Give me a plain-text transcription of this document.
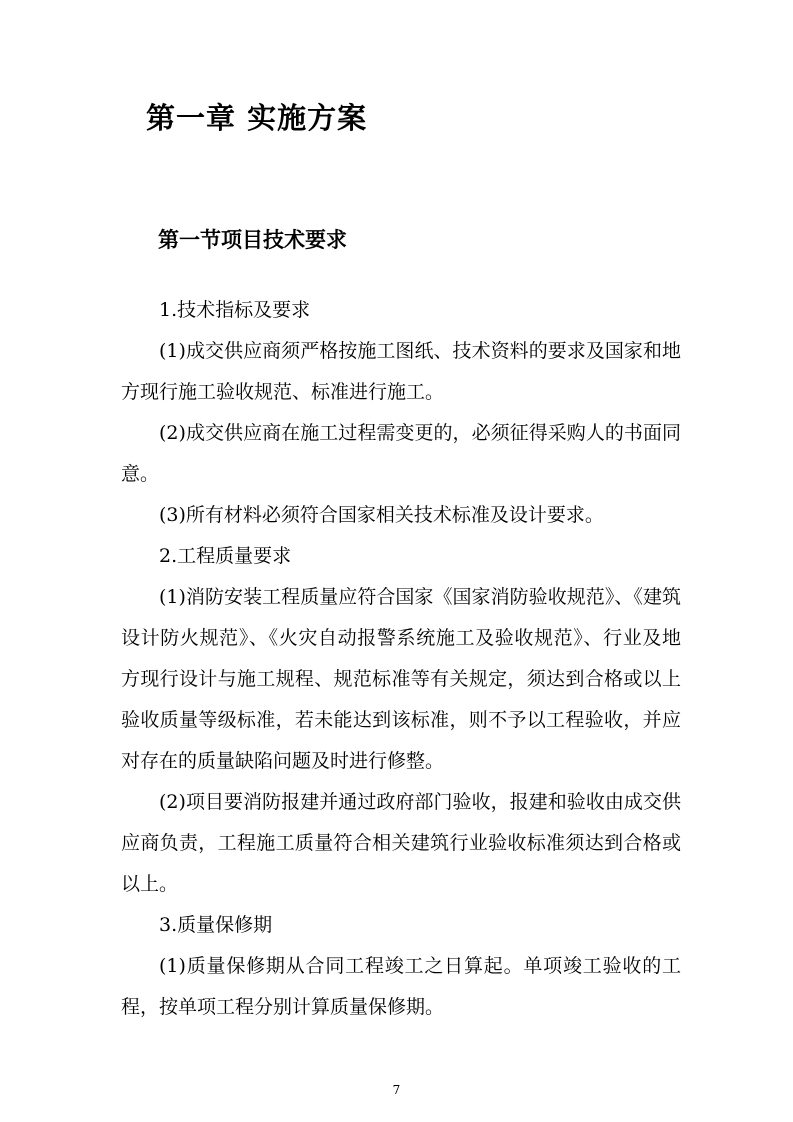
第一章 实施方案
第一节项目技术要求

1.技术指标及要求

(1)成交供应商须严格按施工图纸、技术资料的要求及国家和地方现行施工验收规范、标准进行施工。

(2)成交供应商在施工过程需变更的，必须征得采购人的书面同意。

(3)所有材料必须符合国家相关技术标准及设计要求。

2.工程质量要求

(1)消防安装工程质量应符合国家《国家消防验收规范》、《建筑设计防火规范》、《火灾自动报警系统施工及验收规范》、行业及地方现行设计与施工规程、规范标准等有关规定，须达到合格或以上验收质量等级标准，若未能达到该标准，则不予以工程验收，并应对存在的质量缺陷问题及时进行修整。

(2)项目要消防报建并通过政府部门验收，报建和验收由成交供应商负责，工程施工质量符合相关建筑行业验收标准须达到合格或以上。

3.质量保修期

(1)质量保修期从合同工程竣工之日算起。单项竣工验收的工程，按单项工程分别计算质量保修期。

7
